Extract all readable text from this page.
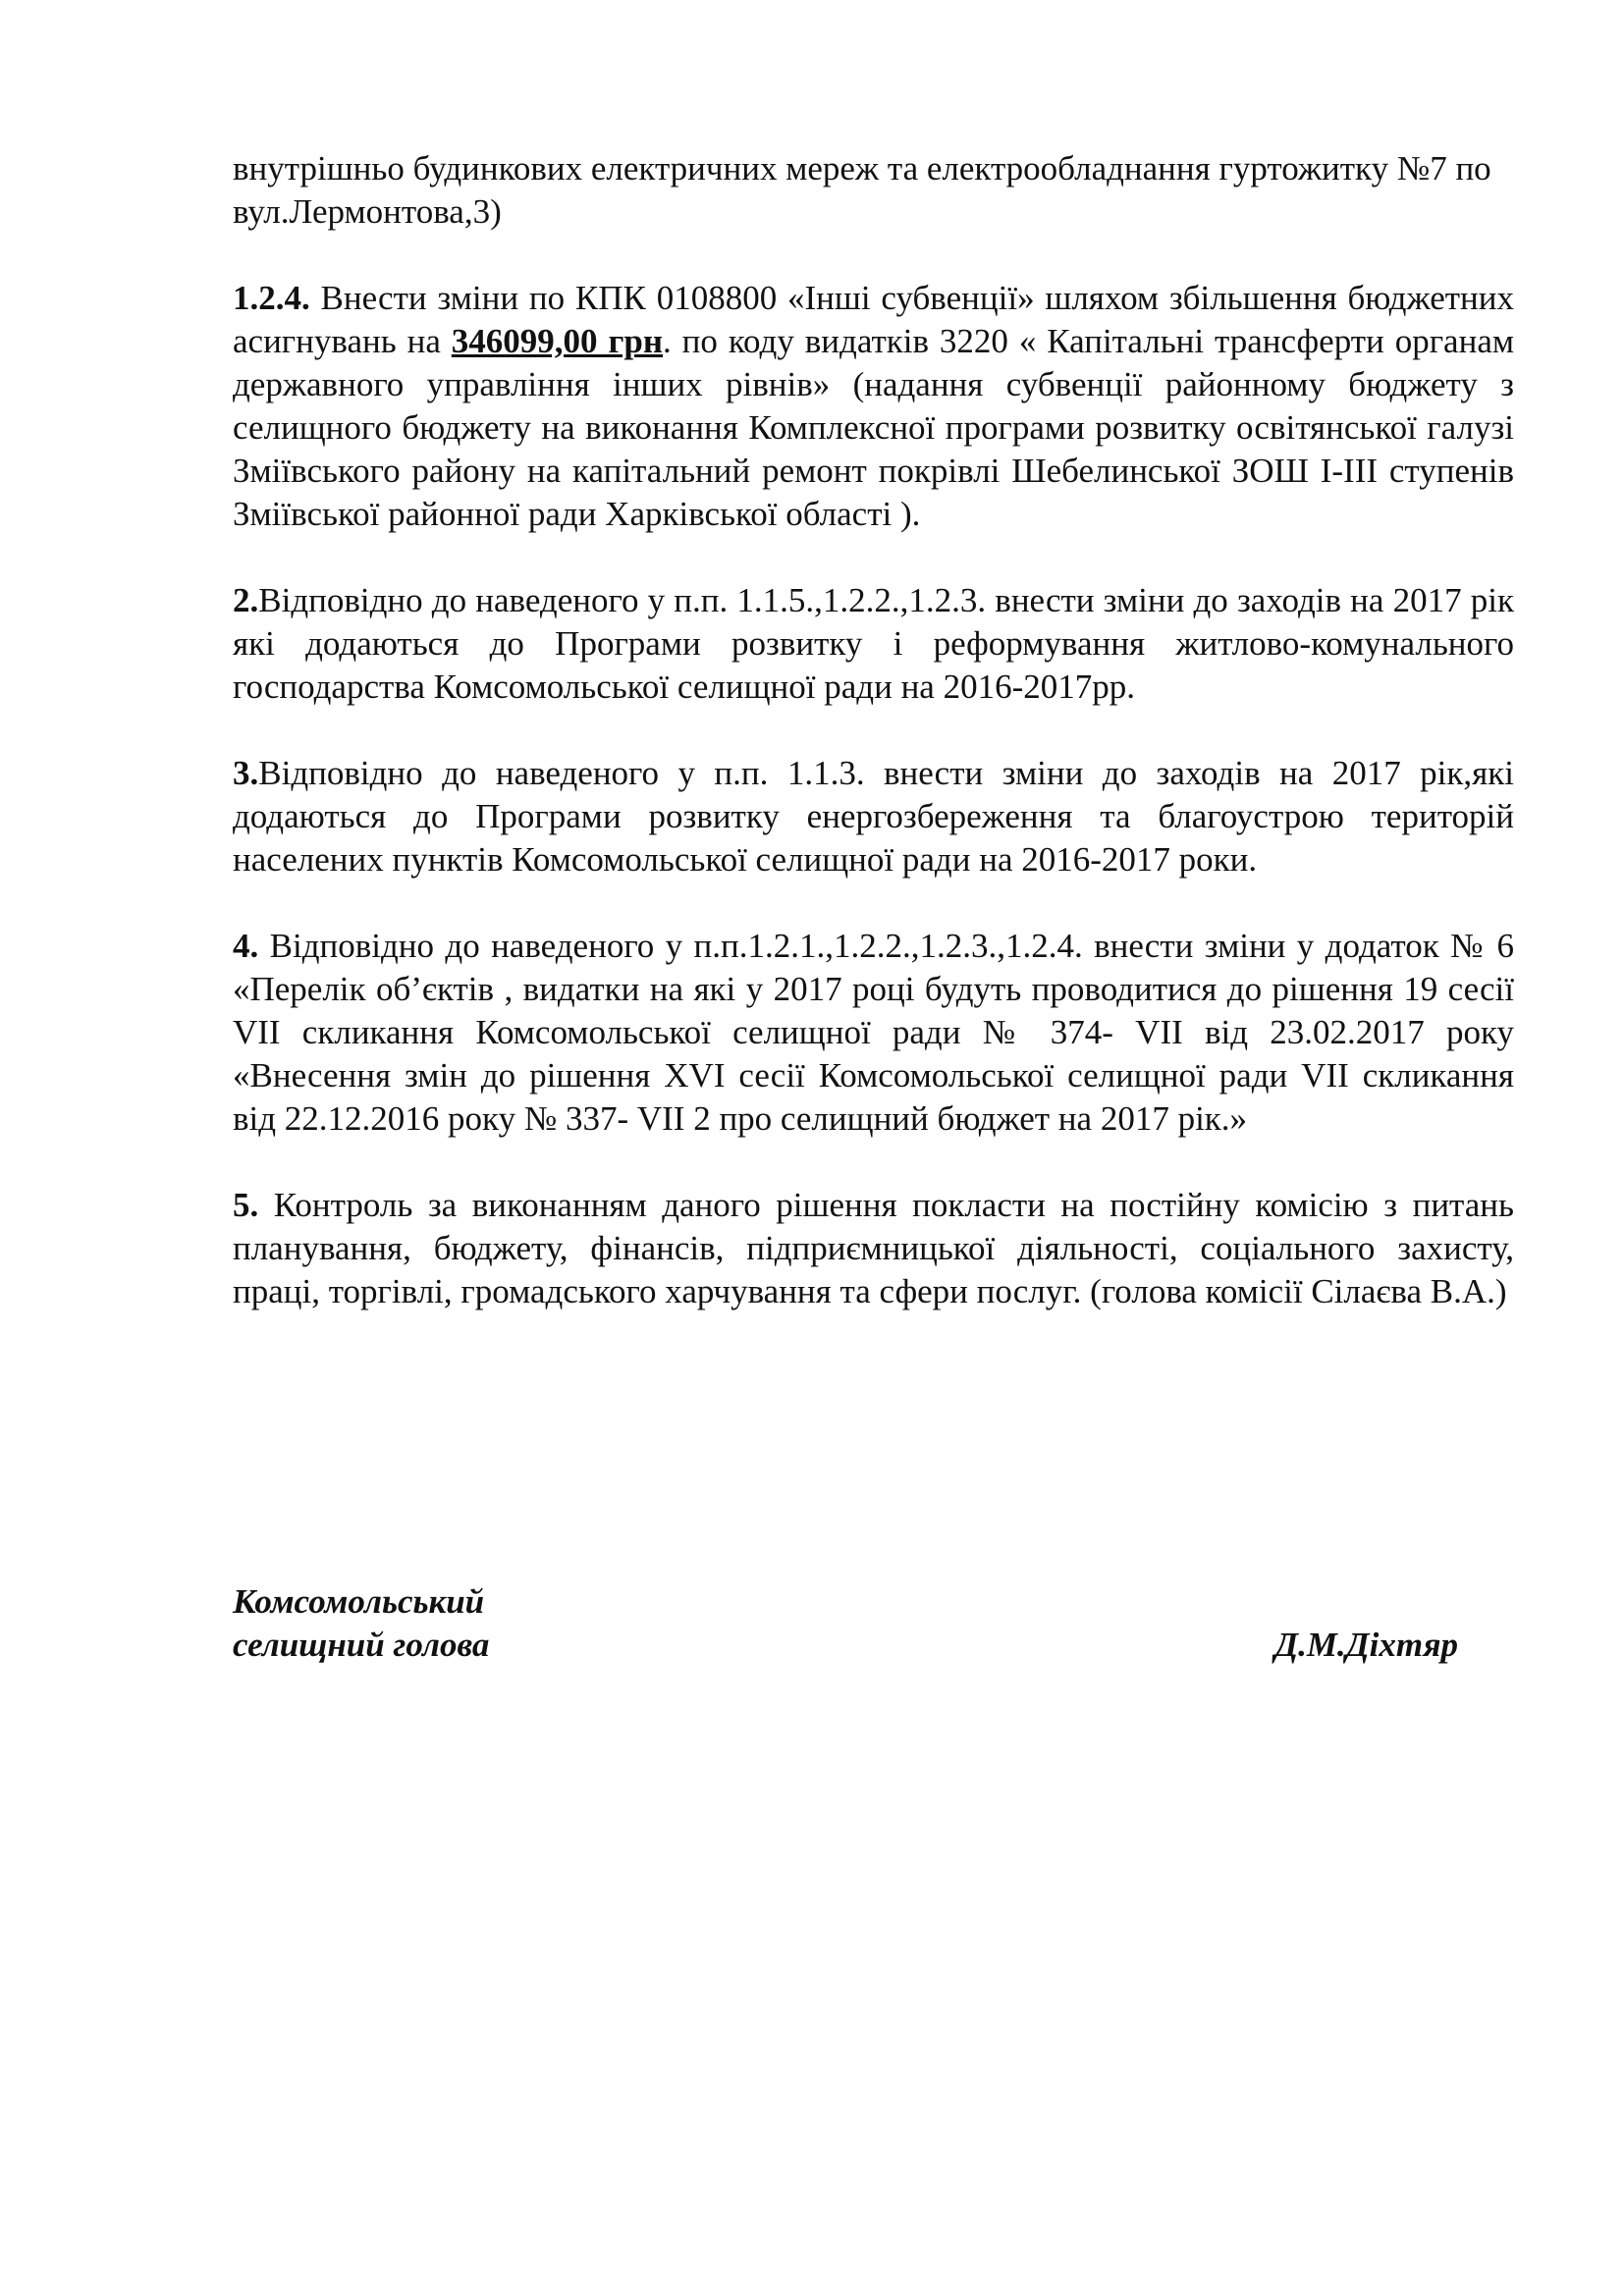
внутрішньо будинкових електричних мереж та електрообладнання гуртожитку №7 по вул.Лермонтова,3)

1.2.4. Внести зміни по КПК 0108800 «Інші субвенції» шляхом збільшення бюджетних асигнувань на 346099,00 грн. по коду видатків 3220 « Капітальні трансферти органам державного управління інших рівнів» (надання субвенції районному бюджету з селищного бюджету на виконання Комплексної програми розвитку освітянської галузі Зміївського району на капітальний ремонт покрівлі Шебелинської ЗОШ І-ІІІ ступенів Зміївської районної ради Харківської області ).

2.Відповідно до наведеного у п.п. 1.1.5.,1.2.2.,1.2.3. внести зміни до заходів на 2017 рік які додаються до Програми розвитку і реформування житлово-комунального господарства Комсомольської селищної ради на 2016-2017рр.

3.Відповідно до наведеного у п.п. 1.1.3. внести зміни до заходів на 2017 рік,які додаються до Програми розвитку енергозбереження та благоустрою територій населених пунктів Комсомольської селищної ради на 2016-2017 роки.

4. Відповідно до наведеного у п.п.1.2.1.,1.2.2.,1.2.3.,1.2.4. внести зміни у додаток № 6 «Перелік об’єктів , видатки на які у 2017 році будуть проводитися до рішення 19 сесії VІІ скликання Комсомольської селищної ради № 374- VІІ від 23.02.2017 року «Внесення змін до рішення ХVІ сесії Комсомольської селищної ради VІІ скликання від 22.12.2016 року № 337- VІІ 2 про селищний бюджет на 2017 рік.»

5. Контроль за виконанням даного рішення покласти на постійну комісію з питань планування, бюджету, фінансів, підприємницької діяльності, соціального захисту, праці, торгівлі, громадського харчування та сфери послуг. (голова комісії Сілаєва В.А.)

Комсомольський
селищний голова	Д.М.Діхтяр
